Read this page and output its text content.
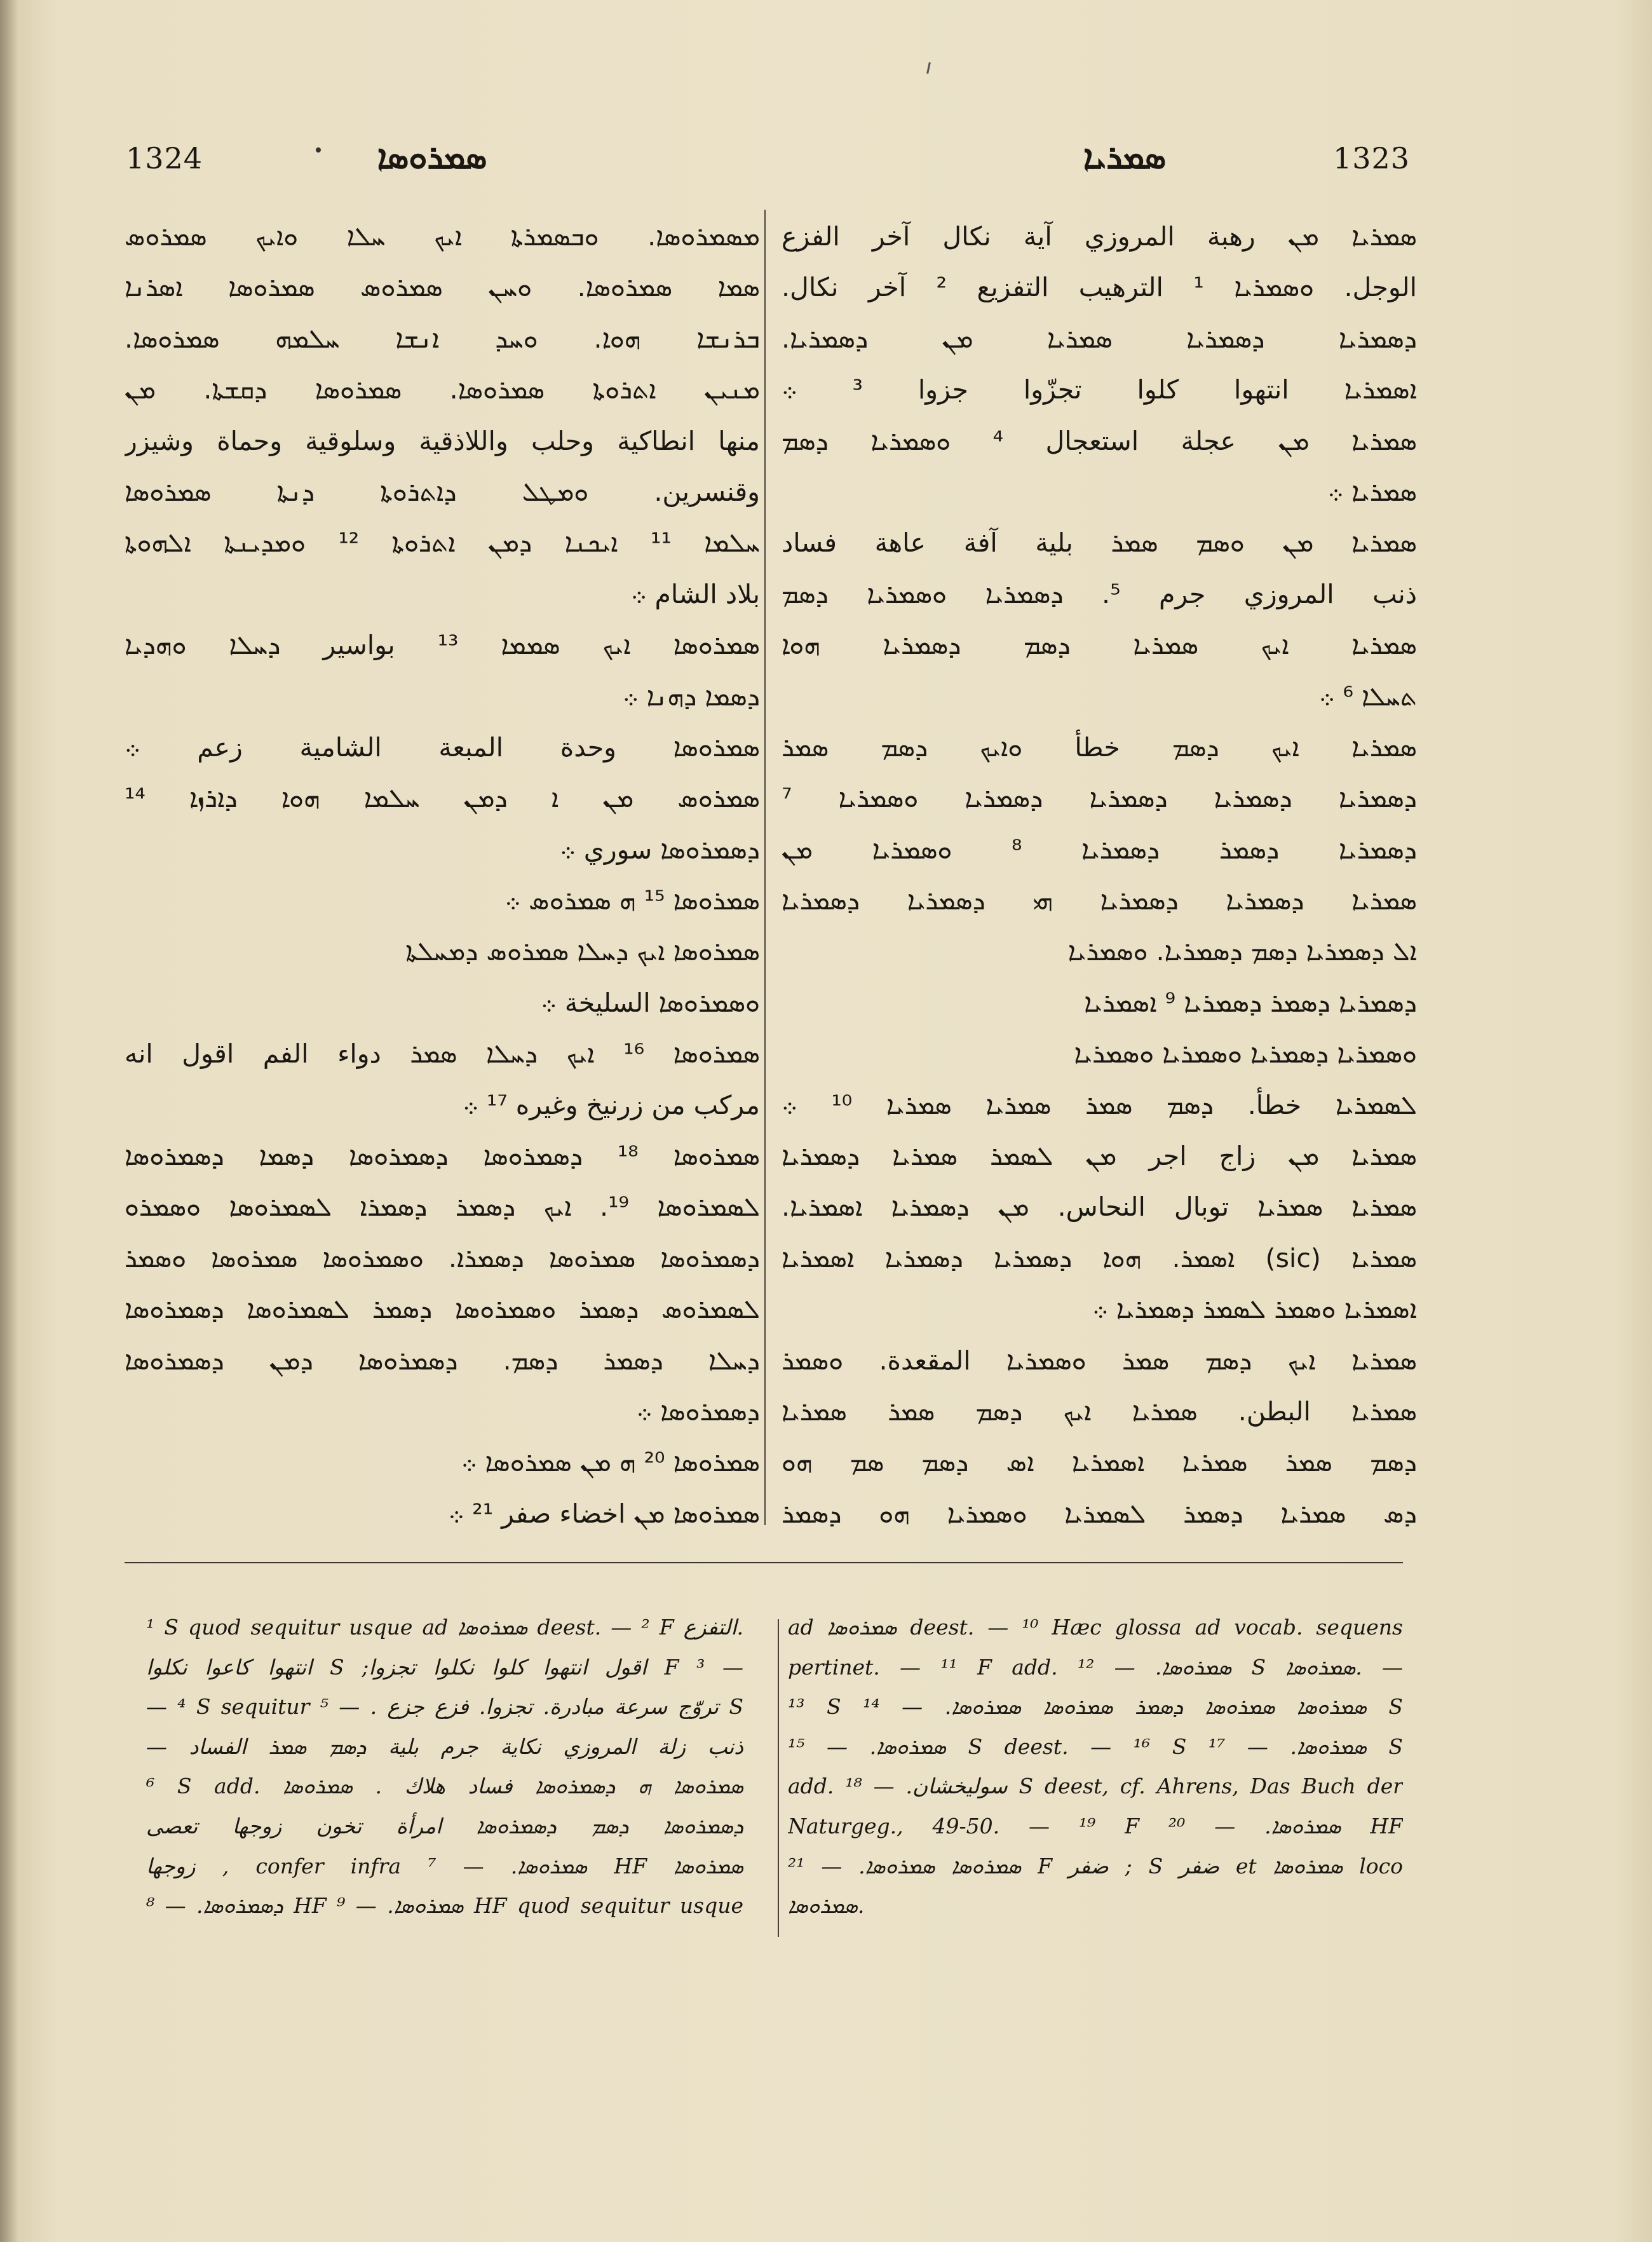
1324	ܣܡܪܘܣܐ	ܣܡܪܝܐ	1323
ܡܣܡܪܘܣܐ. ܘܒܣܡܪܬܐ ܐܝܟ ܚܠܐ ܘܐܝܟ ܣܡܪܘܣ
ܣܡܐ ܣܡܪܘܣܐ. ܘܚܢ ܣܡܪܘܣ ܣܡܪܘܣܐ ܐܣܪܢܐ
ܒܪܢܫܐ ܗܘܐ. ܘܚܕ ܐܢܫܐ ܚܠܡܗ ܣܡܪܘܣܐ.
ܡܢܝܢ ܐܬܪܘܬܐ ܣܡܪܘܣܐ. ܣܡܪܘܣܐ ܕܩܫܬܐ. ܡܢ
منها انطاكية وحلب واللاذقية وسلوقية وحماة وشيزر
وقنسرين. ܘܡܛܠ ܕܐܬܪܘܬܐ ܕܢܬܐ ܣܡܪܘܣܐ
ܚܠܡܐ ¹¹ ܐܝܟܢܐ ܕܡܢ ܐܬܪܘܬܐ ¹² ܘܡܕܝܢܬܐ ܐܠܗܘܬܐ
بلاد الشام ܀
ܣܡܪܘܣܐ ܐܝܟ ܣܡܡܐ ¹³ بواسير ܕܚܠܐ ܘܗܕܝܐ
ܕܣܡܐ ܕܗܢܐ ܀
ܣܡܪܘܣܐ وحدة المبعة الشامية زعم ܀
ܣܡܪܘܣ ܡܢ ܐ ܕܡܢ ܚܠܡܐ ܗܘܐ ܕܐܪܙܐ ¹⁴
ܕܣܡܪܘܣܐ سوري ܀
ܣܡܪܘܣܐ ¹⁵ ܗ ܣܡܪܘܣ ܀
ܣܡܪܘܣܐ ܐܝܟ ܕܚܠܐ ܣܡܪܘܣ ܕܡܚܠܬܐ
ܘܣܡܪܘܣܐ السليخة ܀
ܣܡܪܘܣܐ ¹⁶ ܐܝܟ ܕܚܠܐ ܣܡܪ دواء الفم اقول انه
مركب من زرنيخ وغيره ¹⁷ ܀
ܣܡܪܘܣܐ ¹⁸ ܕܣܡܪܘܣܐ ܕܣܡܪܘܣܐ ܕܣܡܐ ܕܣܡܪܘܣܐ
ܠܣܡܪܘܣܐ ¹⁹. ܐܝܟ ܕܣܡܪ ܕܣܡܪܐ ܠܣܡܪܘܣܐ ܘܣܡܪܘ
ܕܣܡܪܘܣܐ ܣܡܪܘܣܐ ܕܣܡܪܐ. ܘܣܡܪܘܣܐ ܣܡܪܘܣܐ ܘܣܡܪ
ܠܣܡܪܘܣ ܕܣܡܪ ܘܣܡܪܘܣܐ ܕܣܡܪ ܠܣܡܪܘܣܐ ܕܣܡܪܘܣܐ
ܕܚܠܐ ܕܣܡܪ ܕܣܡ. ܕܣܡܪܘܣܐ ܕܡܢ ܕܣܡܪܘܣܐ
ܕܣܡܪܘܣܐ ܀
ܣܡܪܘܣܐ ²⁰ ܗ ܡܢ ܣܡܪܘܣܐ ܀
ܣܡܪܘܣܐ ܡܢ اخضاء صفر ²¹ ܀
ܣܡܪܝܐ ܡܢ رهبة المروزي آية نكال آخر الفزع
الوجل. ܘܣܡܪܝܐ ¹ الترهيب التفزيع ² آخر نكال.
ܕܣܡܪܝܐ ܕܣܡܪܝܐ ܣܡܪܝܐ ܡܢ ܕܣܡܪܝܐ.
ܐܣܡܪܝܐ انتهوا كلوا تجزّوا جزوا ³ ܀
ܣܡܪܝܐ ܡܢ عجلة استعجال ⁴ ܘܣܡܪܝܐ ܕܣܡ
ܣܡܪܝܐ ܀
ܣܡܪܝܐ ܡܢ ܘܣܡ ܣܡܪ بلية آفة عاهة فساد
ذنب المروزي جرم ⁵. ܕܣܡܪܝܐ ܘܣܡܪܝܐ ܕܣܡ
ܣܡܪܝܐ ܐܝܟ ܣܡܪܝܐ ܕܣܡ ܕܣܡܪܝܐ ܗܘܐ
ܬܚܠܐ ⁶ ܀
ܣܡܪܝܐ ܐܝܟ ܕܣܡ خطأ ܘܐܝܟ ܕܣܡ ܣܡܪ
ܕܣܡܪܝܐ ܕܣܡܪܝܐ ܕܣܡܪܝܐ ܕܣܡܪܝܐ ܘܣܡܪܝܐ ⁷
ܕܣܡܪܝܐ ܕܣܡܪ ܕܣܡܪܝܐ ⁸ ܘܣܡܪܝܐ ܡܢ
ܣܡܪܝܐ ܕܣܡܪܝܐ ܕܣܡܪܝܐ ܗܝ ܕܣܡܪܝܐ ܕܣܡܪܝܐ
ܐܠ ܕܣܡܪܝܐ ܕܣܡ ܕܣܡܪܝܐ. ܘܣܡܪܝܐ
ܕܣܡܪܝܐ ܕܣܡܪ ܕܣܡܪܝܐ ⁹ ܐܣܡܪܝܐ
ܘܣܡܪܝܐ ܕܣܡܪܝܐ ܘܣܡܪܝܐ ܘܣܡܪܝܐ
ܠܣܡܪܝܐ خطأ. ܕܣܡ ܣܡܪ ܣܡܪܝܐ ܣܡܪܝܐ ¹⁰ ܀
ܣܡܪܝܐ ܡܢ زاج اجر ܡܢ ܠܣܡܪ ܣܡܪܝܐ ܕܣܡܪܝܐ
ܣܡܪܝܐ ܣܡܪܝܐ توبال النحاس. ܡܢ ܕܣܡܪܝܐ ܐܣܡܪܝܐ.
ܣܡܪܝܐ (sic) ܐܣܡܪ. ܗܘܐ ܕܣܡܪܝܐ ܕܣܡܪܝܐ ܐܣܡܪܝܐ
ܐܣܡܪܝܐ ܘܣܡܪ ܠܣܡܪ ܕܣܡܪܝܐ ܀
ܣܡܪܝܐ ܐܝܟ ܕܣܡ ܣܡܪ ܘܣܡܪܝܐ المقعدة. ܘܣܡܪ
ܣܡܪܝܐ البطن. ܣܡܪܝܐ ܐܝܟ ܕܣܡ ܣܡܪ ܣܡܪܝܐ
ܕܣܡ ܣܡܪ ܣܡܪܝܐ ܐܣܡܪܝܐ ܐܣ ܕܣܡ ܣܡ ܗܘ
ܕܣ ܣܡܪܝܐ ܕܣܡܪ ܠܣܡܪܝܐ ܘܣܡܪܝܐ ܗܘ ܕܣܡܪ
¹ S quod sequitur usque ad ܣܡܪܘܣܐ deest. — ² F التفزع.
انتهوا كاعوا نكلوا S ;اقول انتهوا كلوا نكلوا تجزوا F ³ —
— ⁴ S sequitur تروّج سرعة مبادرة. تجزوا. فزع جزع . — ⁵ S
— ذنب زلة المروزي نكاية جرم بلية ܕܣܡ ܣܡܪ الفساد
⁶ S add. ܣܡܪܘܣܐ ܗ ܕܣܡܪܘܣܐ فساد هلاك . ܣܡܪܘܣܐ
ܕܣܡܪܘܣܐ ܕܣܡ ܕܣܡܪܘܣܐ امرأة تخون زوجها تعصى
زوجها , confer infra ܣܡܪܘܣܐ. — ⁷ HF ܣܡܪܘܣܐ
ܕܣܡܪܘܣܐ. — ⁸ HF ܣܡܪܘܣܐ. — ⁹ HF quod sequitur usque
ad ܣܡܪܘܣܐ deest. — ¹⁰ Hæc glossa ad vocab. sequens
pertinet. — ¹¹ F add. ܣܡܪܘܣܐ. — ¹² S ܣܡܪܘܣܐ. —
¹³ S ܣܡܪܘܣܐ ܣܡܪܘܣܐ ܕܣܡܪ ܣܡܪܘܣܐ ܣܡܪܘܣܐ. — ¹⁴ S
ܣܡܪܘܣܐ. — ¹⁵ S deest. — ¹⁶ S ܣܡܪܘܣܐ. — ¹⁷ S
add. سوليخشان. — ¹⁸ S deest, cf. Ahrens, Das Buch der
Naturgeg., 49-50. — ¹⁹ F ܣܡܪܘܣܐ. — ²⁰ HF
ܣܡܪܘܣܐ ܣܡܪܘܣܐ. — ²¹ F ضفر ; S ضفر et ܣܡܪܘܣܐ loco
ܣܡܪܘܣܐ.
